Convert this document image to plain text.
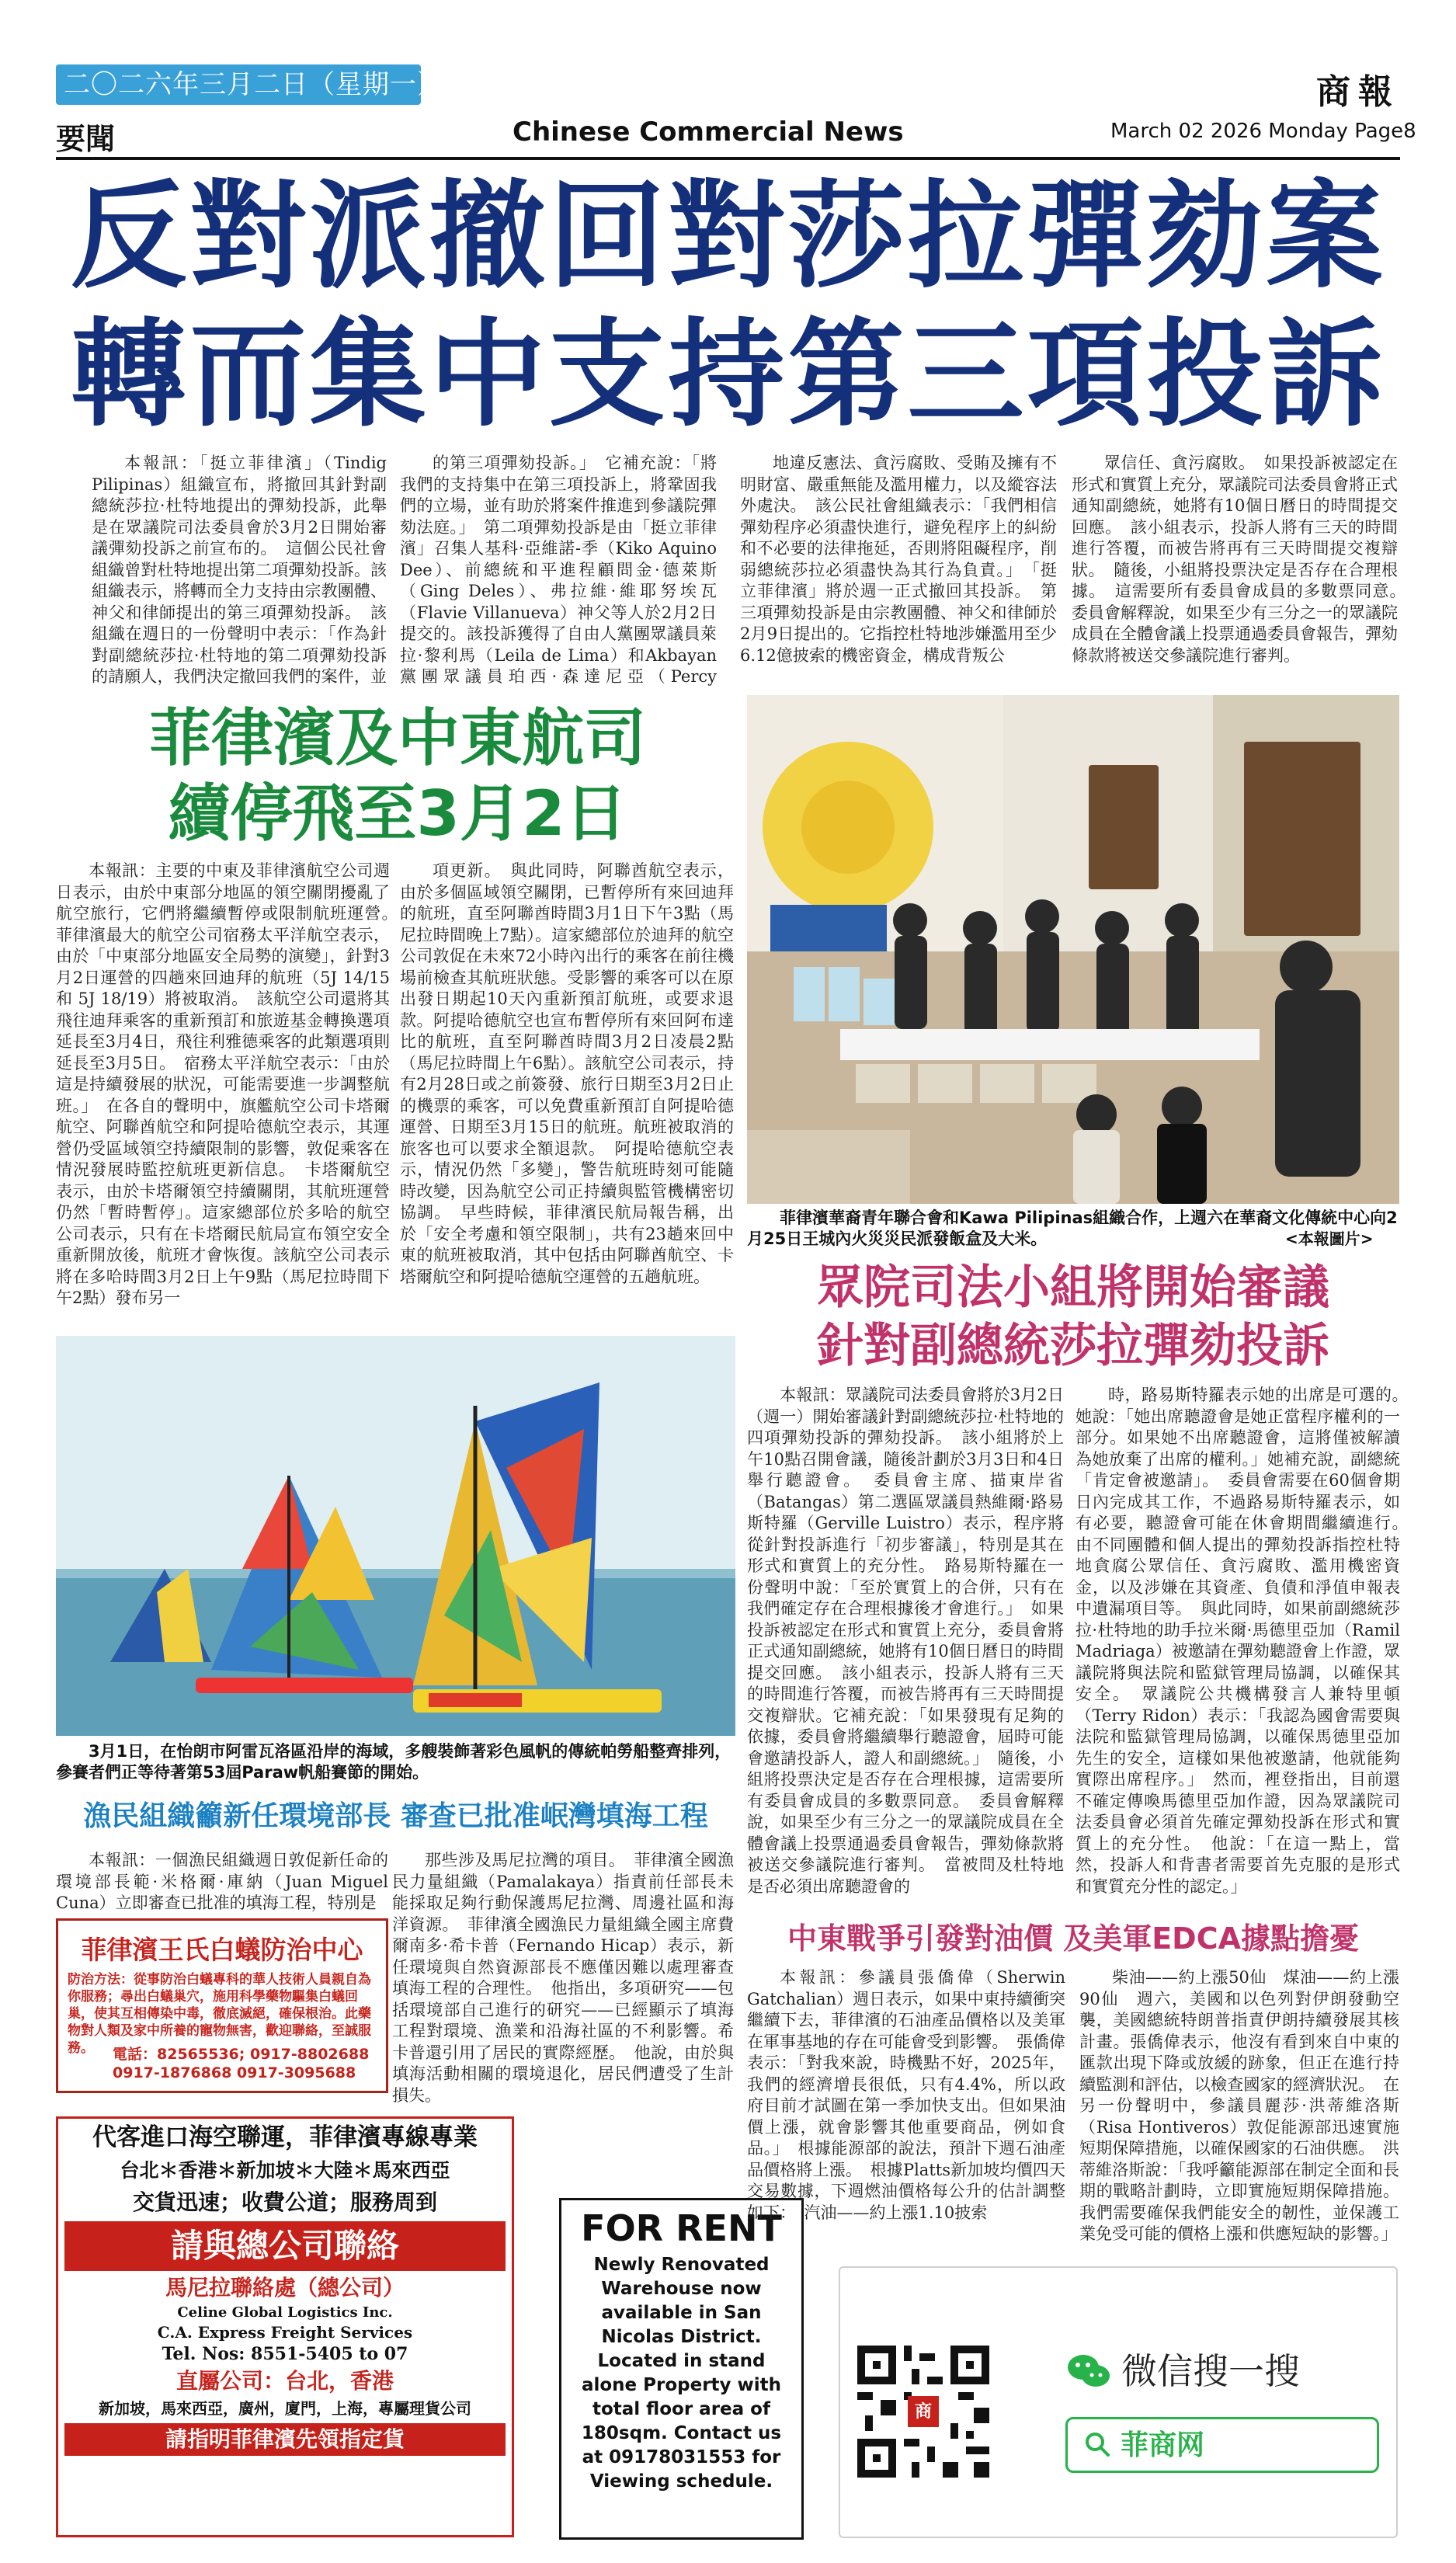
二〇二六年三月二日（星期一）	商報
要聞	Chinese Commercial News	March 02 2026 Monday Page8
反對派撤回對莎拉彈劾案
轉而集中支持第三項投訴
本報訊：「挺立菲律濱」（Tindig Pilipinas）組織宣布，將撤回其針對副總統莎拉·杜特地提出的彈劾投訴，此舉是在眾議院司法委員會於3月2日開始審議彈劾投訴之前宣布的。　這個公民社會組織曾對杜特地提出第二項彈劾投訴。該組織表示，將轉而全力支持由宗教團體、神父和律師提出的第三項彈劾投訴。　該組織在週日的一份聲明中表示：「作為針對副總統莎拉·杜特地的第二項彈劾投訴的請願人，我們決定撤回我們的案件，並
的第三項彈劾投訴。」　它補充說：「將我們的支持集中在第三項投訴上，將鞏固我們的立場，並有助於將案件推進到參議院彈劾法庭。」　第二項彈劾投訴是由「挺立菲律濱」召集人基科·亞維諾-季（Kiko Aquino Dee）、前總統和平進程顧問金·德萊斯（Ging Deles）、弗拉維·維耶努埃瓦（Flavie Villanueva）神父等人於2月2日提交的。該投訴獲得了自由人黨團眾議員萊拉·黎利馬（Leila de Lima）和Akbayan黨團眾議員珀西·森達尼亞（Percy 　
地違反憲法、貪污腐敗、受賄及擁有不明財富、嚴重無能及濫用權力，以及縱容法外處決。　該公民社會組織表示：「我們相信彈劾程序必須盡快進行，避免程序上的糾紛和不必要的法律拖延，否則將阻礙程序，削弱總統莎拉必須盡快為其行為負責。」　「挺立菲律濱」將於週一正式撤回其投訴。　第三項彈劾投訴是由宗教團體、神父和律師於2月9日提出的。它指控杜特地涉嫌濫用至少6.12億披索的機密資金，構成背叛公
眾信任、貪污腐敗。　如果投訴被認定在形式和實質上充分，眾議院司法委員會將正式通知副總統，她將有10個日曆日的時間提交回應。　該小組表示，投訴人將有三天的時間進行答覆，而被告將再有三天時間提交複辯狀。　隨後，小組將投票決定是否存在合理根據。　這需要所有委員會成員的多數票同意。　委員會解釋說，如果至少有三分之一的眾議院成員在全體會議上投票通過委員會報告，彈劾條款將被送交參議院進行審判。
菲律濱及中東航司
續停飛至3月2日
本報訊：主要的中東及菲律濱航空公司週日表示，由於中東部分地區的領空關閉擾亂了航空旅行，它們將繼續暫停或限制航班運營。　菲律濱最大的航空公司宿務太平洋航空表示，由於「中東部分地區安全局勢的演變」，針對3月2日運營的四趟來回迪拜的航班（5J 14/15 和 5J 18/19）將被取消。　該航空公司還將其飛往迪拜乘客的重新預訂和旅遊基金轉換選項延長至3月4日，飛往利雅德乘客的此類選項則延長至3月5日。　宿務太平洋航空表示：「由於這是持續發展的狀況，可能需要進一步調整航班。」　在各自的聲明中，旗艦航空公司卡塔爾航空、阿聯酋航空和阿提哈德航空表示，其運營仍受區域領空持續限制的影響，敦促乘客在情況發展時監控航班更新信息。　卡塔爾航空表示，由於卡塔爾領空持續關閉，其航班運營仍然「暫時暫停」。這家總部位於多哈的航空公司表示，只有在卡塔爾民航局宣布領空安全重新開放後，航班才會恢復。該航空公司表示將在多哈時間3月2日上午9點（馬尼拉時間下午2點）發布另一
項更新。　與此同時，阿聯酋航空表示，由於多個區域領空關閉，已暫停所有來回迪拜的航班，直至阿聯酋時間3月1日下午3點（馬尼拉時間晚上7點）。這家總部位於迪拜的航空公司敦促在未來72小時內出行的乘客在前往機場前檢查其航班狀態。受影響的乘客可以在原出發日期起10天內重新預訂航班，或要求退款。阿提哈德航空也宣布暫停所有來回阿布達比的航班，直至阿聯酋時間3月2日凌晨2點（馬尼拉時間上午6點）。該航空公司表示，持有2月28日或之前簽發、旅行日期至3月2日止的機票的乘客，可以免費重新預訂自阿提哈德運營、日期至3月15日的航班。航班被取消的旅客也可以要求全額退款。　阿提哈德航空表示，情況仍然「多變」，警告航班時刻可能隨時改變，因為航空公司正持續與監管機構密切協調。　早些時候，菲律濱民航局報告稱，出於「安全考慮和領空限制」，共有23趟來回中東的航班被取消，其中包括由阿聯酋航空、卡塔爾航空和阿提哈德航空運營的五趟航班。
菲律濱華裔青年聯合會和Kawa Pilipinas組織合作，上週六在華裔文化傳統中心向2月25日王城內火災災民派發飯盒及大米。	<本報圖片>
眾院司法小組將開始審議
針對副總統莎拉彈劾投訴
本報訊：眾議院司法委員會將於3月2日（週一）開始審議針對副總統莎拉·杜特地的四項彈劾投訴的彈劾投訴。　該小組將於上午10點召開會議，隨後計劃於3月3日和4日舉行聽證會。　委員會主席、描東岸省（Batangas）第二選區眾議員熱維爾·路易斯特羅（Gerville Luistro）表示，程序將從針對投訴進行「初步審議」，特別是其在形式和實質上的充分性。　路易斯特羅在一份聲明中說：「至於實質上的合併，只有在我們確定存在合理根據後才會進行。」　如果投訴被認定在形式和實質上充分，委員會將正式通知副總統，她將有10個日曆日的時間提交回應。　該小組表示，投訴人將有三天的時間進行答覆，而被告將再有三天時間提交複辯狀。它補充說：「如果發現有足夠的依據，委員會將繼續舉行聽證會，屆時可能會邀請投訴人，證人和副總統。」　隨後，小組將投票決定是否存在合理根據，這需要所有委員會成員的多數票同意。　委員會解釋說，如果至少有三分之一的眾議院成員在全體會議上投票通過委員會報告，彈劾條款將被送交參議院進行審判。　當被問及杜特地是否必須出席聽證會的
時，路易斯特羅表示她的出席是可選的。　她說：「她出席聽證會是她正當程序權利的一部分。如果她不出席聽證會，這將僅被解讀為她放棄了出席的權利。」她補充說，副總統「肯定會被邀請」。　委員會需要在60個會期日內完成其工作，不過路易斯特羅表示，如有必要，聽證會可能在休會期間繼續進行。　由不同團體和個人提出的彈劾投訴指控杜特地貪腐公眾信任、貪污腐敗、濫用機密資金，以及涉嫌在其資產、負債和淨值申報表中遺漏項目等。　與此同時，如果前副總統莎拉·杜特地的助手拉米爾·馬德里亞加（Ramil Madriaga）被邀請在彈劾聽證會上作證，眾議院將與法院和監獄管理局協調，以確保其安全。　眾議院公共機構發言人兼特里頓（Terry Ridon）表示：「我認為國會需要與法院和監獄管理局協調，以確保馬德里亞加先生的安全，這樣如果他被邀請，他就能夠實際出席程序。」　然而，裡登指出，目前還不確定傳喚馬德里亞加作證，因為眾議院司法委員會必須首先確定彈劾投訴在形式和實質上的充分性。　他說：「在這一點上，當然，投訴人和背書者需要首先克服的是形式和實質充分性的認定。」
3月1日，在怡朗市阿雷瓦洛區沿岸的海域，多艘裝飾著彩色風帆的傳統帕勞船整齊排列，參賽者們正等待著第53屆Paraw帆船賽節的開始。
漁民組織籲新任環境部長 審查已批准岷灣填海工程
本報訊：一個漁民組織週日敦促新任命的環境部長範·米格爾·庫納（Juan Miguel Cuna）立即審查已批准的填海工程，特別是
那些涉及馬尼拉灣的項目。　菲律濱全國漁民力量組織（Pamalakaya）指責前任部長未能採取足夠行動保護馬尼拉灣、周邊社區和海洋資源。　菲律濱全國漁民力量組織全國主席費爾南多·希卡普（Fernando Hicap）表示，新任環境與自然資源部長不應僅因難以處理審查填海工程的合理性。　他指出，多項研究——包括環境部自己進行的研究——已經顯示了填海工程對環境、漁業和沿海社區的不利影響。希卡普還引用了居民的實際經歷。　他說，由於與填海活動相關的環境退化，居民們遭受了生計損失。
菲律濱王氏白蟻防治中心
防治方法：從事防治白蟻專科的華人技術人員親自為你服務；尋出白蟻巢穴，施用科學藥物驅集白蟻回巢，使其互相傳染中毒，徹底滅絕，確保根治。此藥物對人類及家中所養的寵物無害，歡迎聯絡，至誠服務。	電話：82565536; 0917-8802688
0917-1876868 0917-3095688
代客進口海空聯運，菲律濱專線專業
台北＊香港＊新加坡＊大陸＊馬來西亞
交貨迅速；收費公道；服務周到
請與總公司聯絡
馬尼拉聯絡處（總公司）
Celine Global Logistics Inc.
C.A. Express Freight Services
Tel. Nos: 8551-5405 to 07
直屬公司：台北，香港
新加坡，馬來西亞，廣州，廈門，上海，專屬理貨公司
請指明菲律濱先領指定貨
FOR RENT
Newly Renovated Warehouse now available in San Nicolas District. Located in stand alone Property with total floor area of 180sqm. Contact us at 09178031553 for Viewing schedule.
中東戰爭引發對油價 及美軍EDCA據點擔憂
本報訊：參議員張僑偉（Sherwin Gatchalian）週日表示，如果中東持續衝突繼續下去，菲律濱的石油產品價格以及美軍在軍事基地的存在可能會受到影響。　張僑偉表示：「對我來說，時機點不好，2025年，我們的經濟增長很低，只有4.4%，所以政府目前才試圖在第一季加快支出。但如果油價上漲，就會影響其他重要商品，例如食品。」　根據能源部的說法，預計下週石油產品價格將上漲。　根據Platts新加坡均價四天交易數據，下週燃油價格每公升的估計調整如下：　汽油——約上漲1.10披索
柴油——約上漲50仙　煤油——約上漲90仙　週六，美國和以色列對伊朗發動空襲，美國總統特朗普指責伊朗持續發展其核計畫。張僑偉表示，他沒有看到來自中東的匯款出現下降或放緩的跡象，但正在進行持續監測和評估，以檢查國家的經濟狀況。　在另一份聲明中，參議員麗莎·洪蒂維洛斯（Risa Hontiveros）敦促能源部迅速實施短期保障措施，以確保國家的石油供應。　洪蒂維洛斯說：「我呼籲能源部在制定全面和長期的戰略計劃時，立即實施短期保障措施。我們需要確保我們能安全的韌性，並保護工業免受可能的價格上漲和供應短缺的影響。」
商
微信搜一搜
菲商网
